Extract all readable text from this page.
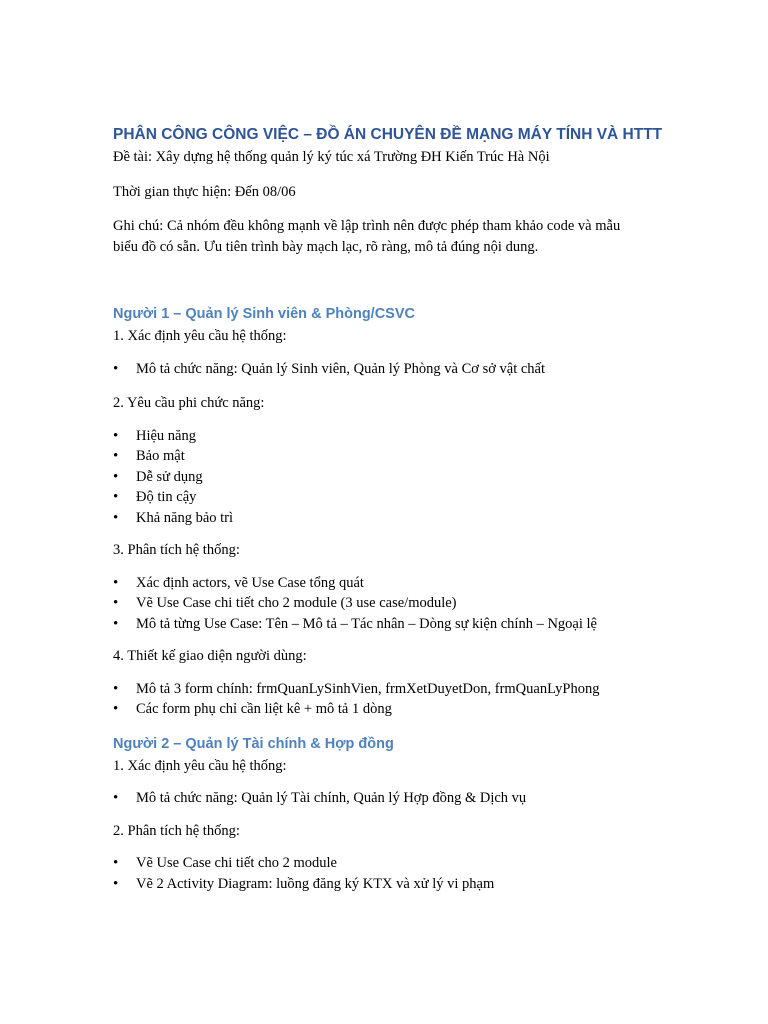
PHÂN CÔNG CÔNG VIỆC – ĐỒ ÁN CHUYÊN ĐỀ MẠNG MÁY TÍNH VÀ HTTT

Đề tài: Xây dựng hệ thống quản lý ký túc xá Trường ĐH Kiến Trúc Hà Nội

Thời gian thực hiện: Đến 08/06

Ghi chú: Cả nhóm đều không mạnh về lập trình nên được phép tham khảo code và mẫu biểu đồ có sẵn. Ưu tiên trình bày mạch lạc, rõ ràng, mô tả đúng nội dung.

Người 1 – Quản lý Sinh viên & Phòng/CSVC

1. Xác định yêu cầu hệ thống:

• Mô tả chức năng: Quản lý Sinh viên, Quản lý Phòng và Cơ sở vật chất

2. Yêu cầu phi chức năng:

• Hiệu năng
• Bảo mật
• Dễ sử dụng
• Độ tin cậy
• Khả năng bảo trì

3. Phân tích hệ thống:

• Xác định actors, vẽ Use Case tổng quát
• Vẽ Use Case chi tiết cho 2 module (3 use case/module)
• Mô tả từng Use Case: Tên – Mô tả – Tác nhân – Dòng sự kiện chính – Ngoại lệ

4. Thiết kế giao diện người dùng:

• Mô tả 3 form chính: frmQuanLySinhVien, frmXetDuyetDon, frmQuanLyPhong
• Các form phụ chỉ cần liệt kê + mô tả 1 dòng
Người 2 – Quản lý Tài chính & Hợp đồng

1. Xác định yêu cầu hệ thống:

• Mô tả chức năng: Quản lý Tài chính, Quản lý Hợp đồng & Dịch vụ

2. Phân tích hệ thống:

• Vẽ Use Case chi tiết cho 2 module
• Vẽ 2 Activity Diagram: luồng đăng ký KTX và xử lý vi phạm
